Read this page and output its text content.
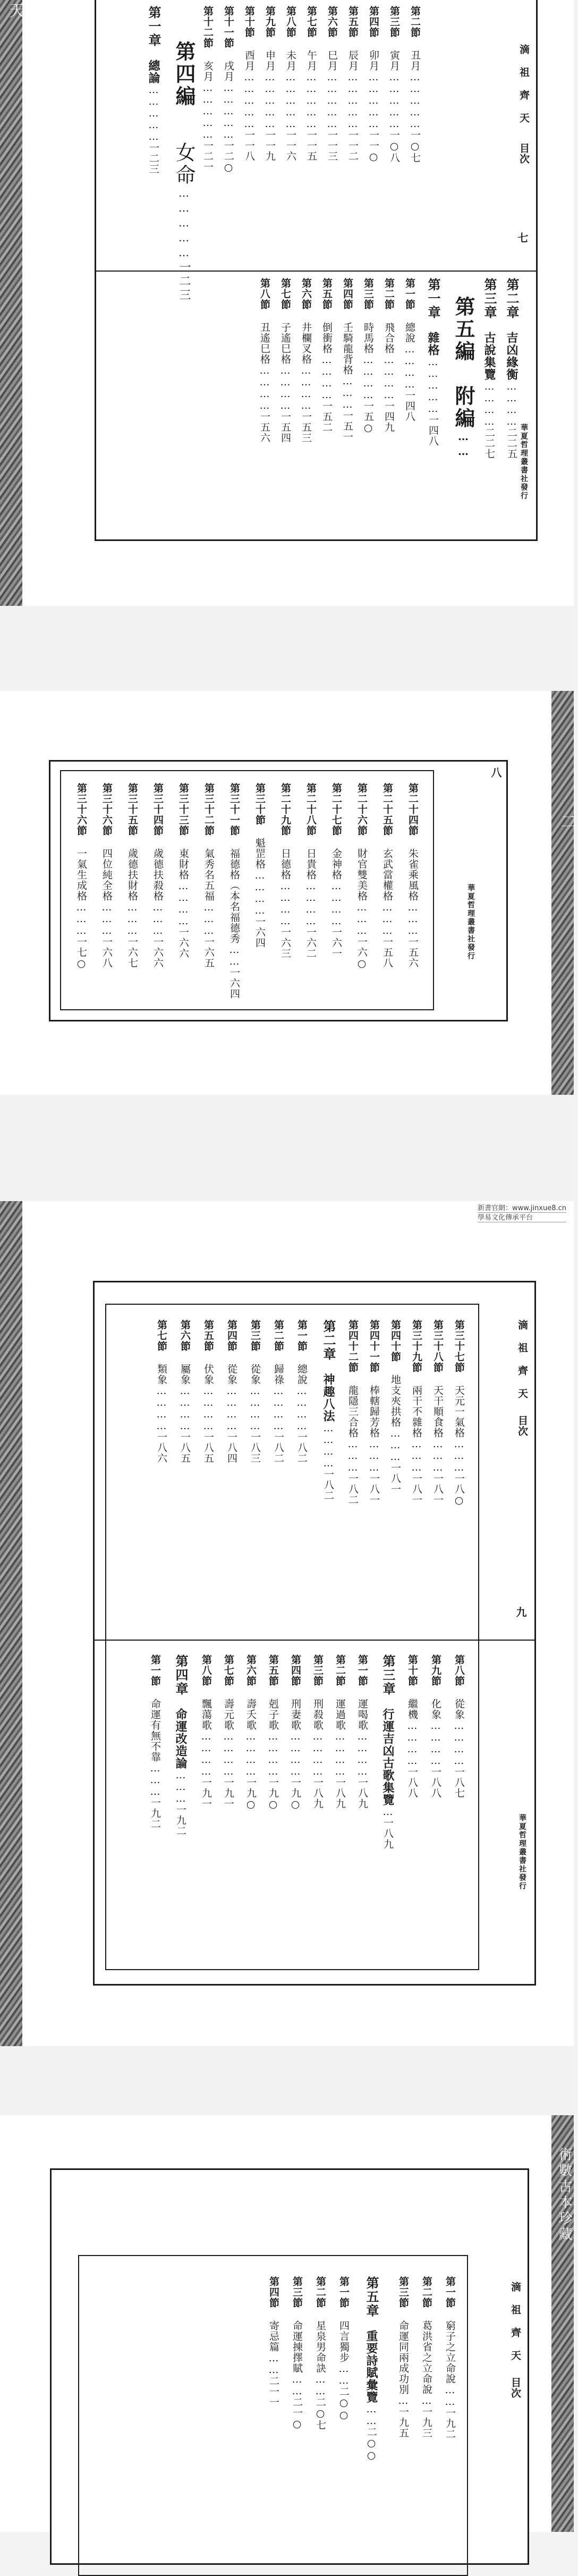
天
滴 祖 齊 天
目次
七
華夏哲理叢書社發行
第二節 丑月……………一○七
第三節 寅月……………一○八
第四節 卯月……………一一○
第五節 辰月……………一一二
第六節 巳月……………一一三
第七節 午月……………一一五
第八節 未月……………一一六
第九節 申月……………一一九
第十節 酉月……………一一八
第十一節 戌月……………一二○
第十二節 亥月……………一二一
第四編
女命……………一二三
第一章 總論……………一二三
第二章 吉凶緣衡…………二二五
第三章 古說集覽…………二二七
第五編　附編……
第一章 雜格……………一四八
第一節 總說…………一四八
第二節 飛合格…………一四九
第三節 時馬格…………一五○
第四節 壬騎龍背格………一五一
第五節 倒衝格…………一五二
第六節 井欄叉格…………一五三
第七節 子遙巳格…………一五四
第八節 丑遙巳格…………一五六
二
八
華夏哲理叢書社發行
第二十四節 朱雀乘風格………一五六
第二十五節 玄武當權格………一五八
第二十六節 財官雙美格………一六○
第二十七節 金神格…………一六一
第二十八節 日貴格…………一六二
第二十九節 日德格…………一六三
第三十節 魁罡格…………一六四
第三十一節 福德格（本名福德秀……一六四
第三十二節 氣秀名五福………一六五
第三十三節 東財格…………一六六
第三十四節 歲德扶殺格………一六六
第三十五節 歲德扶財格………一六七
第三十六節 四位純全格………一六八
第三十六節 一氣生成格………一七○
新書官網：www.jinxue8.cn
學易文化傳承平台
滴 祖 齊 天
目次
九
華夏哲理叢書社發行
第三十七節 天元一氣格………一八○
第三十八節 天干順食格………一八一
第三十九節 兩干不雜格………一八一
第四十節 地支夾拱格………一八一
第四十一節 棒轄歸芳格………一八一
第四十二節 龍隱三合格………一八二
第二章 神趣八法…………一八二
第一節 總說…………一八二
第二節 歸祿…………一八二
第三節 從象…………一八三
第四節 從象…………一八四
第五節 伏象…………一八五
第六節 屬象…………一八五
第七節 類象…………一八六
第八節 從象…………一八七
第九節 化象…………一八八
第十節 繼機…………一八八
第三章 行運吉凶古歌集覽…一八九
第一節 運喝歌…………一八九
第二節 運過歌…………一八九
第三節 刑殺歌…………一八九
第四節 刑妻歌…………一九○
第五節 剋子歌…………一九○
第六節 壽夭歌…………一九○
第七節 壽元歌…………一九一
第八節 飄蕩歌…………一九一
第四章 命運改造論………一九二
第一節 命運有無不靠………一九二
術數古本珍藏
滴 祖 齊 天
目次
第一節 窮子之立命說……一九二
第二節 葛洪省之立命說…一九三
第三節 命運同兩成功別…一九五
第五章 重要詩賦彙覽……二○○
第一節 四言獨步……二○○
第二節 星泉男命訣……二○七
第三節 命運揀擇賦……二一○
第四節 寄忌篇……二一一
